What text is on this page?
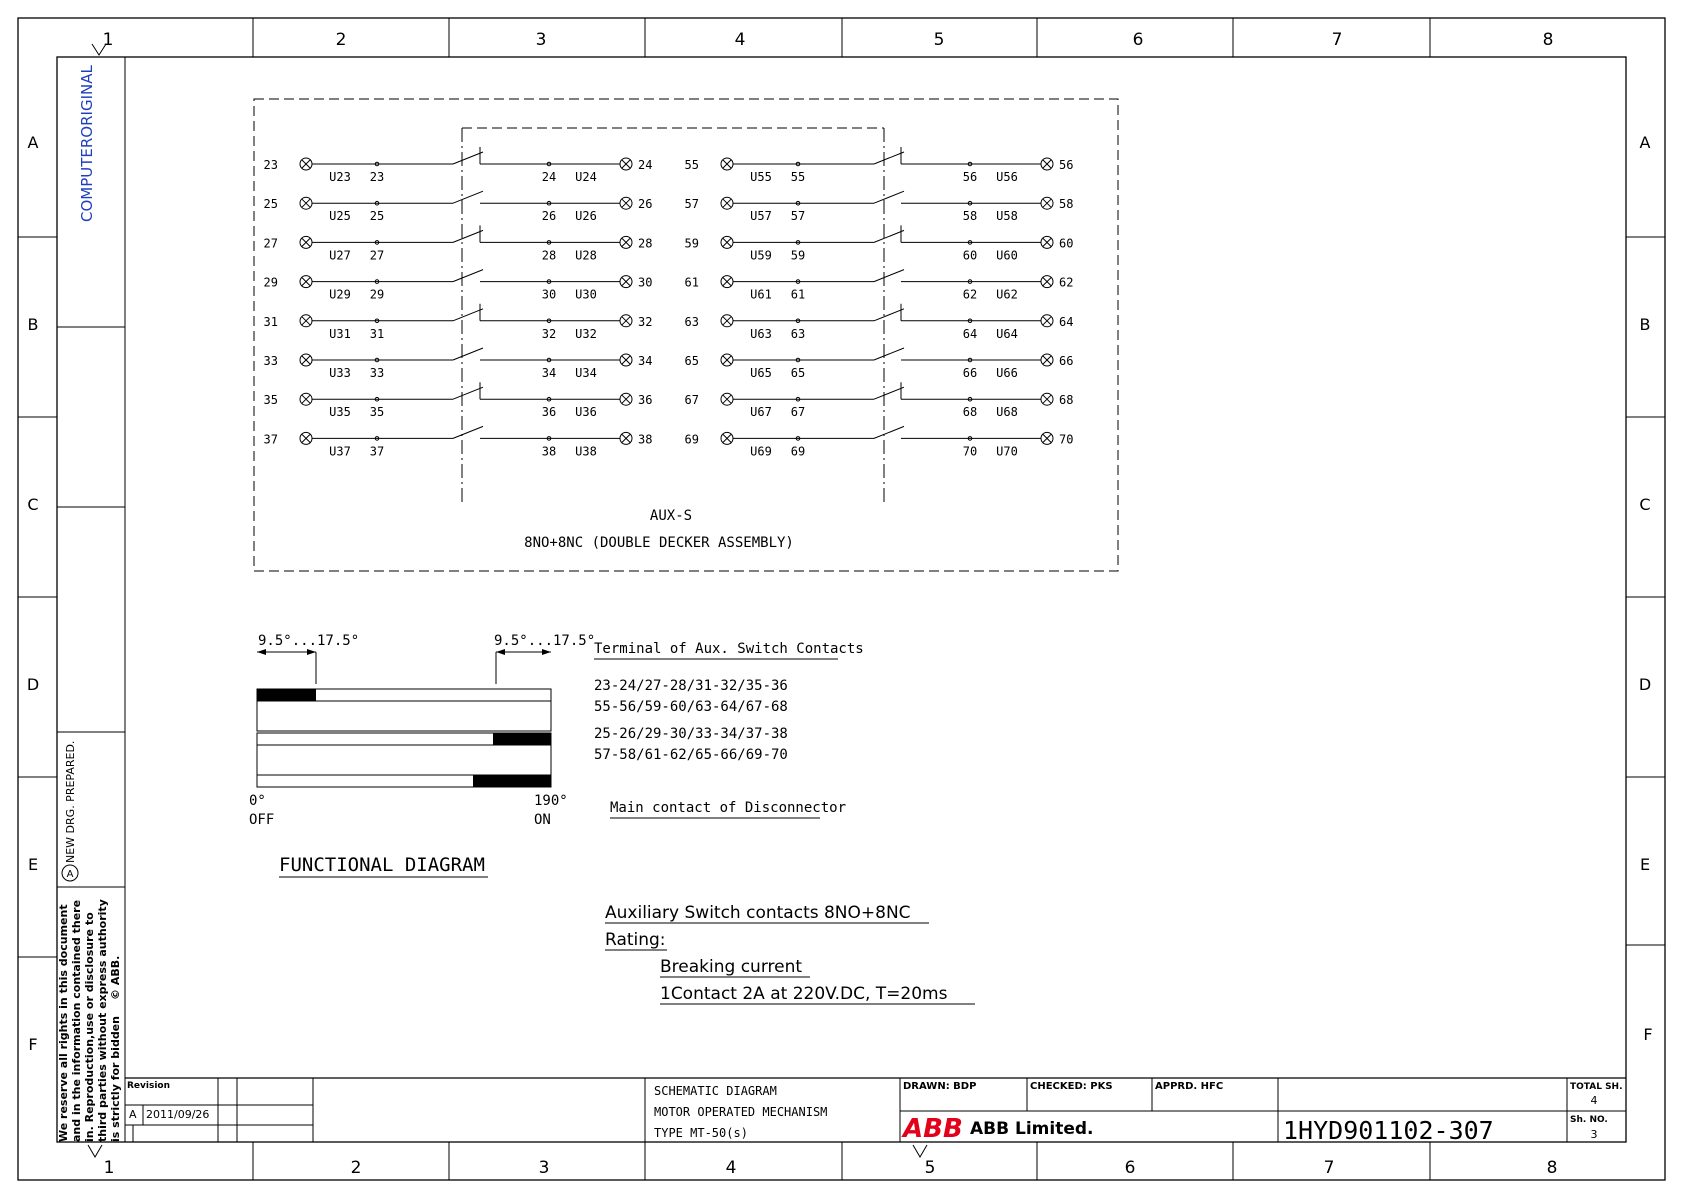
1	2	3	4	5	6	7	8
1	2	3	4	5	6	7	8
A
B
C
D
E
F
A
B
C
D
E
F
COMPUTERORIGINAL
NEW DRG. PREPARED.
A
We reserve all rights in this document and in the information contained there in. Reproduction,use or disclosure to third parties without express authority is strictly for bidden
© ABB.
23
U23 23	24 U24
24
25
U25 25	26 U26
26
27
U27 27	28 U28
28
29
U29 29	30 U30
30
31
U31 31	32 U32
32
33
U33 33	34 U34
34
35
U35 35	36 U36
36
37
U37 37	38 U38
38
55
U55 55	56 U56
56
57
U57 57	58 U58
58
59
U59 59	60 U60
60
61
U61 61	62 U62
62
63
U63 63	64 U64
64
65
U65 65	66 U66
66
67
U67 67	68 U68
68
69
U69 69	70 U70
70
AUX-S
8NO+8NC (DOUBLE DECKER ASSEMBLY)
9.5°...17.5°	9.5°...17.5°
0°
OFF
190°
ON
FUNCTIONAL DIAGRAM
Terminal of Aux. Switch Contacts
23-24/27-28/31-32/35-36
55-56/59-60/63-64/67-68
25-26/29-30/33-34/37-38
57-58/61-62/65-66/69-70
Main contact of Disconnector
Auxiliary Switch contacts 8NO+8NC
Rating:
Breaking current
1Contact 2A at 220V.DC, T=20ms
Revision
A 2011/09/26
SCHEMATIC DIAGRAM
MOTOR OPERATED MECHANISM
TYPE MT-50(s)
DRAWN: BDP	CHECKED: PKS	APPRD. HFC
ABB ABB Limited.	1HYD901102-307
TOTAL SH.
4
Sh. NO.
3
